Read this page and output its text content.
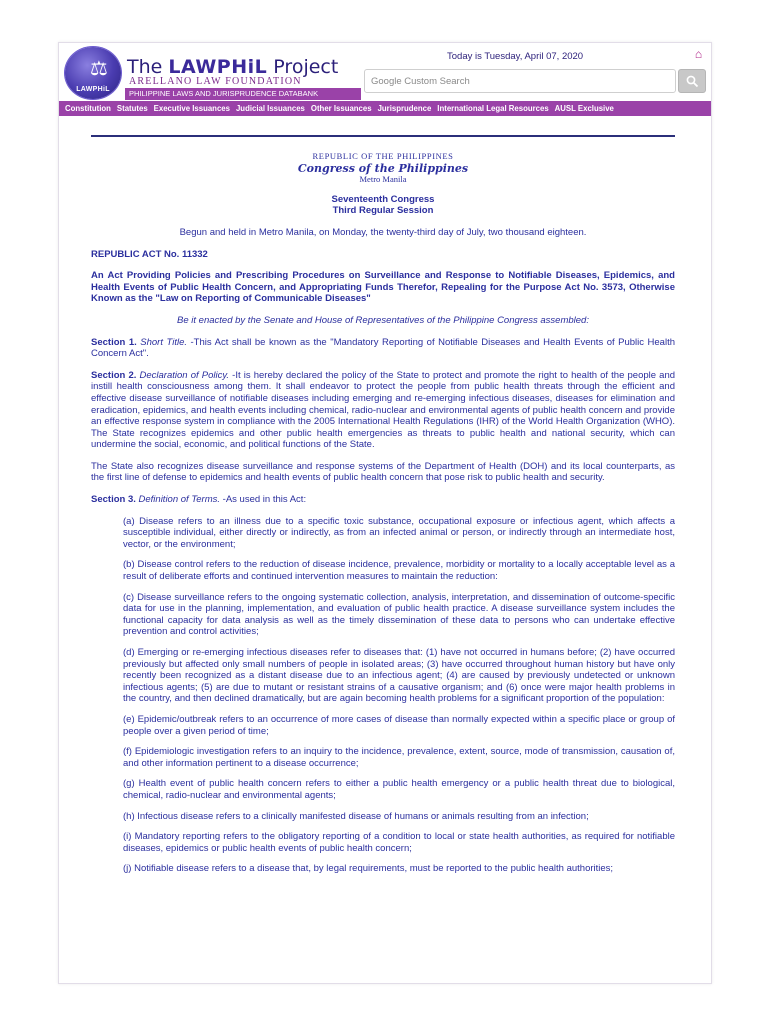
⚖
LAWPHiL
The LAWPHiL Project
ARELLANO LAW FOUNDATION
PHILIPPINE LAWS AND JURISPRUDENCE DATABANK
Today is Tuesday, April 07, 2020	⌂
Google Custom Search
Constitution Statutes Executive Issuances Judicial Issuances Other Issuances Jurisprudence International Legal Resources AUSL Exclusive
REPUBLIC OF THE PHILIPPINES
Congress of the Philippines
Metro Manila
Seventeenth Congress
Third Regular Session

Begun and held in Metro Manila, on Monday, the twenty-third day of July, two thousand eighteen.

REPUBLIC ACT No. 11332

An Act Providing Policies and Prescribing Procedures on Surveillance and Response to Notifiable Diseases, Epidemics, and Health Events of Public Health Concern, and Appropriating Funds Therefor, Repealing for the Purpose Act No. 3573, Otherwise Known as the "Law on Reporting of Communicable Diseases"

Be it enacted by the Senate and House of Representatives of the Philippine Congress assembled:

Section 1. Short Title. -This Act shall be known as the "Mandatory Reporting of Notifiable Diseases and Health Events of Public Health Concern Act".

Section 2. Declaration of Policy. -It is hereby declared the policy of the State to protect and promote the right to health of the people and instill health consciousness among them. It shall endeavor to protect the people from public health threats through the efficient and effective disease surveillance of notifiable diseases including emerging and re-emerging infectious diseases, diseases for elimination and eradication, epidemics, and health events including chemical, radio-nuclear and environmental agents of public health concern and provide an effective response system in compliance with the 2005 International Health Regulations (IHR) of the World Health Organization (WHO). The State recognizes epidemics and other public health emergencies as threats to public health and national security, which can undermine the social, economic, and political functions of the State.

The State also recognizes disease surveillance and response systems of the Department of Health (DOH) and its local counterparts, as the first line of defense to epidemics and health events of public health concern that pose risk to public health and security.

Section 3. Definition of Terms. -As used in this Act:

(a) Disease refers to an illness due to a specific toxic substance, occupational exposure or infectious agent, which affects a susceptible individual, either directly or indirectly, as from an infected animal or person, or indirectly through an intermediate host, vector, or the environment;

(b) Disease control refers to the reduction of disease incidence, prevalence, morbidity or mortality to a locally acceptable level as a result of deliberate efforts and continued intervention measures to maintain the reduction:

(c) Disease surveillance refers to the ongoing systematic collection, analysis, interpretation, and dissemination of outcome-specific data for use in the planning, implementation, and evaluation of public health practice. A disease surveillance system includes the functional capacity for data analysis as well as the timely dissemination of these data to persons who can undertake effective prevention and control activities;

(d) Emerging or re-emerging infectious diseases refer to diseases that: (1) have not occurred in humans before; (2) have occurred previously but affected only small numbers of people in isolated areas; (3) have occurred throughout human history but have only recently been recognized as a distant disease due to an infectious agent; (4) are caused by previously undetected or unknown infectious agents; (5) are due to mutant or resistant strains of a causative organism; and (6) once were major health problems in the country, and then declined dramatically, but are again becoming health problems for a significant proportion of the population:

(e) Epidemic/outbreak refers to an occurrence of more cases of disease than normally expected within a specific place or group of people over a given period of time;

(f) Epidemiologic investigation refers to an inquiry to the incidence, prevalence, extent, source, mode of transmission, causation of, and other information pertinent to a disease occurrence;

(g) Health event of public health concern refers to either a public health emergency or a public health threat due to biological, chemical, radio-nuclear and environmental agents;

(h) Infectious disease refers to a clinically manifested disease of humans or animals resulting from an infection;

(i) Mandatory reporting refers to the obligatory reporting of a condition to local or state health authorities, as required for notifiable diseases, epidemics or public health events of public health concern;

(j) Notifiable disease refers to a disease that, by legal requirements, must be reported to the public health authorities;
